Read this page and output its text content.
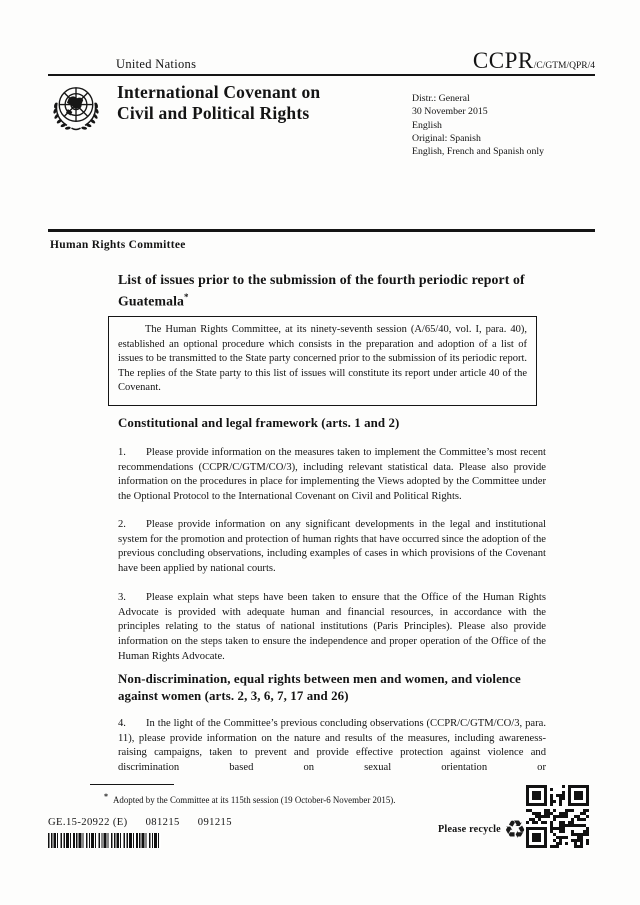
United Nations	CCPR/C/GTM/QPR/4
International Covenant on
Civil and Political Rights
Distr.: General
30 November 2015
English
Original: Spanish
English, French and Spanish only
Human Rights Committee
List of issues prior to the submission of the fourth periodic report of Guatemala*

The Human Rights Committee, at its ninety-seventh session (A/65/40, vol. I, para. 40), established an optional procedure which consists in the preparation and adoption of a list of issues to be transmitted to the State party concerned prior to the submission of its periodic report. The replies of the State party to this list of issues will constitute its report under article 40 of the Covenant.

Constitutional and legal framework (arts. 1 and 2)

1. Please provide information on the measures taken to implement the Committee’s most recent recommendations (CCPR/C/GTM/CO/3), including relevant statistical data. Please also provide information on the procedures in place for implementing the Views adopted by the Committee under the Optional Protocol to the International Covenant on Civil and Political Rights.

2. Please provide information on any significant developments in the legal and institutional system for the promotion and protection of human rights that have occurred since the adoption of the previous concluding observations, including examples of cases in which provisions of the Covenant have been applied by national courts.

3. Please explain what steps have been taken to ensure that the Office of the Human Rights Advocate is provided with adequate human and financial resources, in accordance with the principles relating to the status of national institutions (Paris Principles). Please also provide information on the steps taken to ensure the independence and proper operation of the Office of the Human Rights Advocate.

Non-discrimination, equal rights between men and women, and violence against women (arts. 2, 3, 6, 7, 17 and 26)

4. In the light of the Committee’s previous concluding observations (CCPR/C/GTM/CO/3, para. 11), please provide information on the nature and results of the measures, including awareness-raising campaigns, taken to prevent and provide effective protection against violence and discrimination based on sexual orientation or

* Adopted by the Committee at its 115th session (19 October-6 November 2015).
GE.15-20922 (E) 081215 091215
Please recycle ♻
